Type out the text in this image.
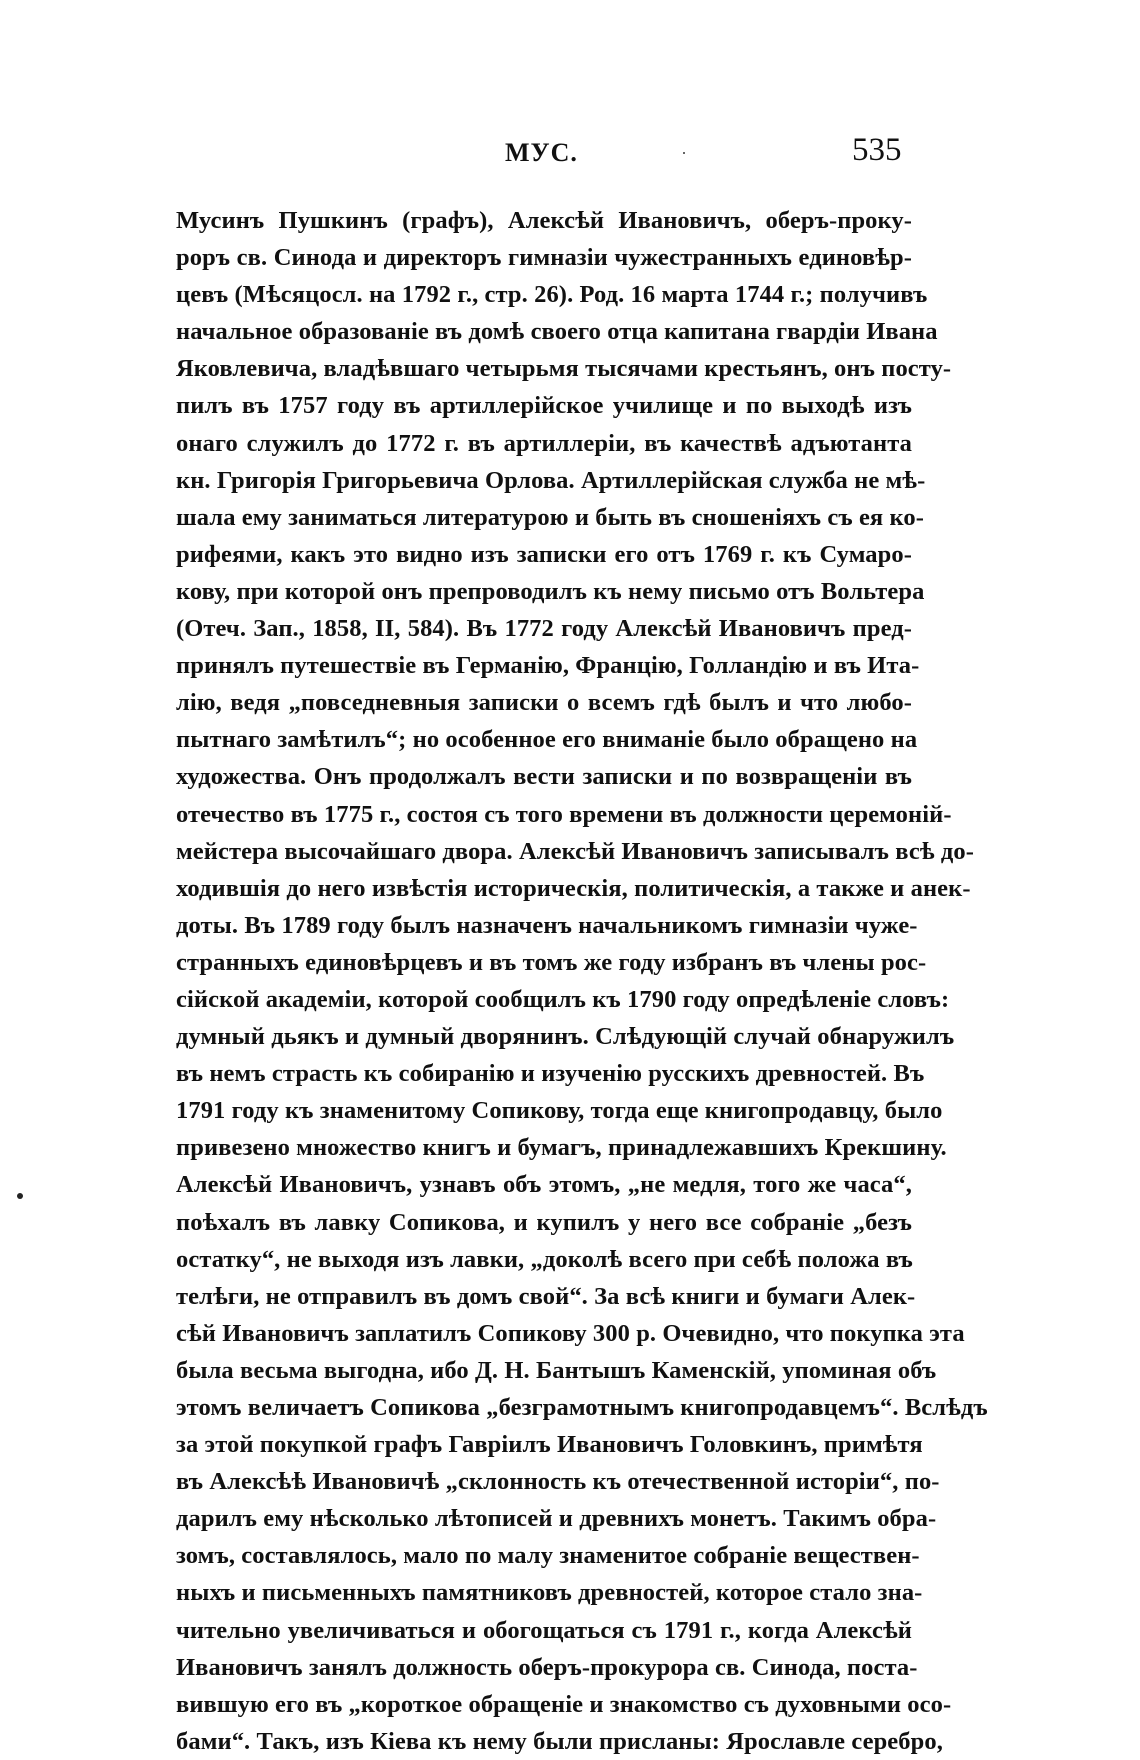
МУС.	535
Мусинъ Пушкинъ (графъ), Алексѣй Ивановичъ, оберъ-проку-
роръ св. Синода и директоръ гимназіи чужестранныхъ единовѣр-
цевъ (Мѣсяцосл. на 1792 г., стр. 26). Род. 16 марта 1744 г.; получивъ
начальное образованіе въ домѣ своего отца капитана гвардіи Ивана
Яковлевича, владѣвшаго четырьмя тысячами крестьянъ, онъ посту-
пилъ въ 1757 году въ артиллерійское училище и по выходѣ изъ
онаго служилъ до 1772 г. въ артиллеріи, въ качествѣ адъютанта
кн. Григорія Григорьевича Орлова. Артиллерійская служба не мѣ-
шала ему заниматься литературою и быть въ сношеніяхъ съ ея ко-
рифеями, какъ это видно изъ записки его отъ 1769 г. къ Сумаро-
кову, при которой онъ препроводилъ къ нему письмо отъ Вольтера
(Отеч. Зап., 1858, II, 584). Въ 1772 году Алексѣй Ивановичъ пред-
принялъ путешествіе въ Германію, Францію, Голландію и въ Ита-
лію, ведя „повседневныя записки о всемъ гдѣ былъ и что любо-
пытнаго замѣтилъ“; но особенное его вниманіе было обращено на
художества. Онъ продолжалъ вести записки и по возвращеніи въ
отечество въ 1775 г., состоя съ того времени въ должности церемоній-
мейстера высочайшаго двора. Алексѣй Ивановичъ записывалъ всѣ до-
ходившія до него извѣстія историческія, политическія, а также и анек-
доты. Въ 1789 году былъ назначенъ начальникомъ гимназіи чуже-
странныхъ единовѣрцевъ и въ томъ же году избранъ въ члены рос-
сійской академіи, которой сообщилъ къ 1790 году опредѣленіе словъ:
думный дьякъ и думный дворянинъ. Слѣдующій случай обнаружилъ
въ немъ страсть къ собиранію и изученію русскихъ древностей. Въ
1791 году къ знаменитому Сопикову, тогда еще книгопродавцу, было
привезено множество книгъ и бумагъ, принадлежавшихъ Крекшину.
Алексѣй Ивановичъ, узнавъ объ этомъ, „не медля, того же часа“,
поѣхалъ въ лавку Сопикова, и купилъ у него все собраніе „безъ
остатку“, не выходя изъ лавки, „доколѣ всего при себѣ положа въ
телѣги, не отправилъ въ домъ свой“. За всѣ книги и бумаги Алек-
сѣй Ивановичъ заплатилъ Сопикову 300 р. Очевидно, что покупка эта
была весьма выгодна, ибо Д. Н. Бантышъ Каменскій, упоминая объ
этомъ величаетъ Сопикова „безграмотнымъ книгопродавцемъ“. Вслѣдъ
за этой покупкой графъ Гавріилъ Ивановичъ Головкинъ, примѣтя
въ Алексѣѣ Ивановичѣ „склонность къ отечественной исторіи“, по-
дарилъ ему нѣсколько лѣтописей и древнихъ монетъ. Такимъ обра-
зомъ, составлялось, мало по малу знаменитое собраніе веществен-
ныхъ и письменныхъ памятниковъ древностей, которое стало зна-
чительно увеличиваться и обогощаться съ 1791 г., когда Алексѣй
Ивановичъ занялъ должность оберъ-прокурора св. Синода, поста-
вившую его въ „короткое обращеніе и знакомство съ духовными осо-
бами“. Такъ, изъ Кіева къ нему были присланы: Ярославле серебро,
